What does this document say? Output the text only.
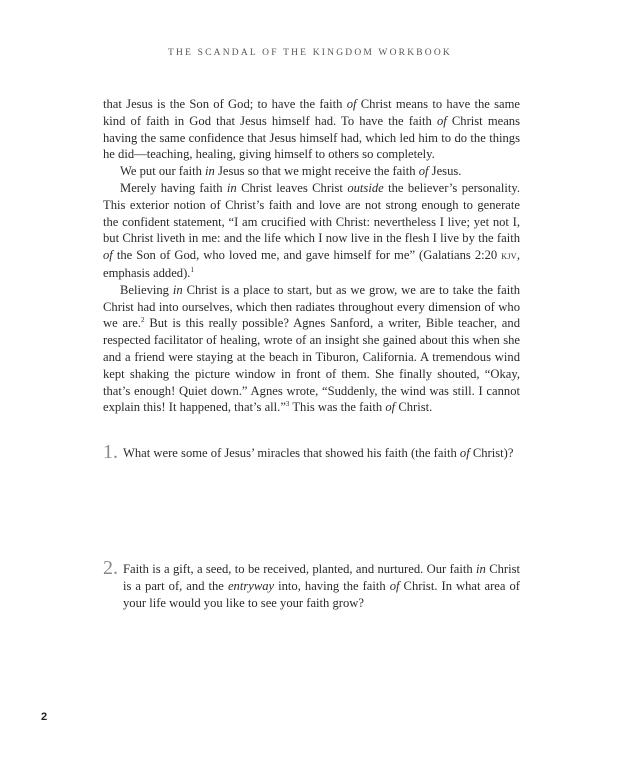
THE SCANDAL OF THE KINGDOM WORKBOOK

that Jesus is the Son of God; to have the faith of Christ means to have the same kind of faith in God that Jesus himself had. To have the faith of Christ means having the same confidence that Jesus himself had, which led him to do the things he did—teaching, healing, giving himself to others so completely.

We put our faith in Jesus so that we might receive the faith of Jesus.

Merely having faith in Christ leaves Christ outside the believer’s personality. This exterior notion of Christ’s faith and love are not strong enough to generate the confident statement, “I am crucified with Christ: nevertheless I live; yet not I, but Christ liveth in me: and the life which I now live in the flesh I live by the faith of the Son of God, who loved me, and gave himself for me” (Galatians 2:20 kjv, emphasis added).$^1$

Believing in Christ is a place to start, but as we grow, we are to take the faith Christ had into ourselves, which then radiates throughout every dimension of who we are.$^2$ But is this really possible? Agnes Sanford, a writer, Bible teacher, and respected facilitator of healing, wrote of an insight she gained about this when she and a friend were staying at the beach in Tiburon, California. A tremendous wind kept shaking the picture window in front of them. She finally shouted, “Okay, that’s enough! Quiet down.” Agnes wrote, “Suddenly, the wind was still. I cannot explain this! It happened, that’s all.”$^3$ This was the faith of Christ.

1. What were some of Jesus’ miracles that showed his faith (the faith of Christ)?
2. Faith is a gift, a seed, to be received, planted, and nurtured. Our faith in Christ is a part of, and the entryway into, having the faith of Christ. In what area of your life would you like to see your faith grow?
2
